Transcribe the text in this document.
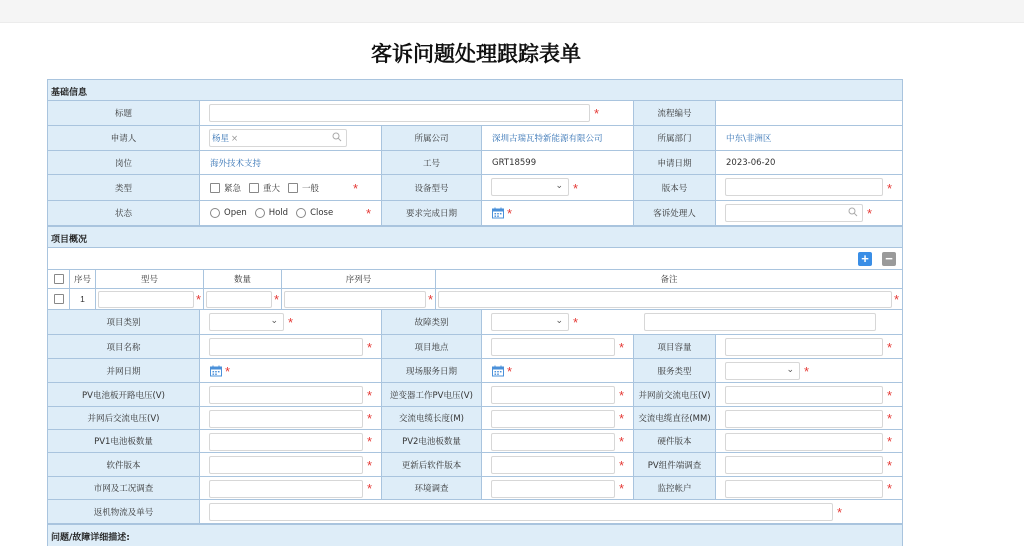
客诉问题处理跟踪表单
基础信息
标题	*	流程编号
申请人	杨星 ×	所属公司	深圳古瑞瓦特新能源有限公司	所属部门	中东\非洲区
岗位	海外技术支持	工号	GRT18599	申请日期	2023-06-20
类型	紧急	重大	一般	*	设备型号	⌄ *	版本号	*
状态	Open	Hold	Close	*	要求完成日期	*	客诉处理人	*
项目概况
+ −
序号	型号	数量	序列号	备注
1	*	*	*	*
项目类别	⌄ *	故障类别	⌄ *
项目名称	*	项目地点	*	项目容量	*
并网日期	*	现场服务日期	*	服务类型	⌄ *
PV电池板开路电压(V)	*	逆变器工作PV电压(V)	*	并网前交流电压(V)	*
并网后交流电压(V)	*	交流电缆长度(M)	*	交流电缆直径(MM)	*
PV1电池板数量	*	PV2电池板数量	*	硬件版本	*
软件版本	*	更新后软件版本	*	PV组件端调查	*
市网及工况调查	*	环境调查	*	监控帐户	*
返机物流及单号	*
问题/故障详细描述:
